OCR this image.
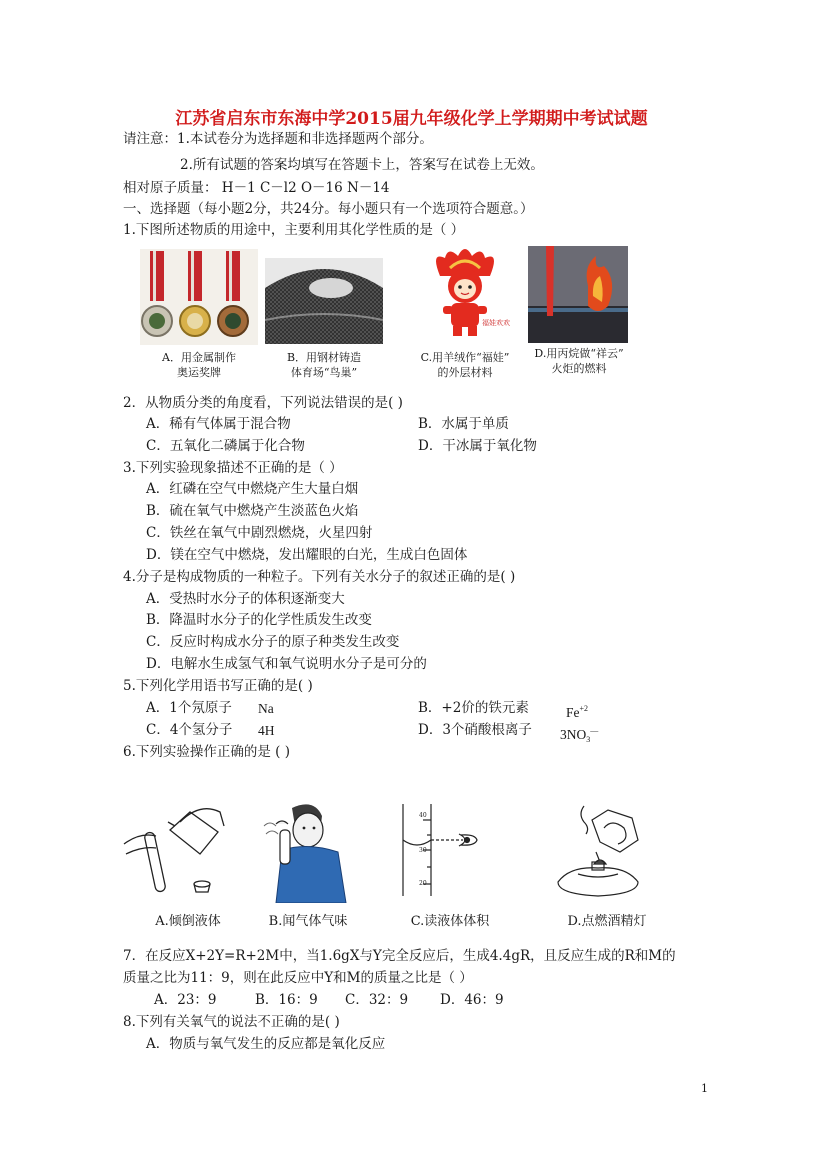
江苏省启东市东海中学2015届九年级化学上学期期中考试试题
请注意：1.本试卷分为选择题和非选择题两个部分。
2.所有试题的答案均填写在答题卡上，答案写在试卷上无效。
相对原子质量： H－1 C－l2 O－16 N－14
一、选择题（每小题2分，共24分。每小题只有一个选项符合题意。）
1.下图所述物质的用途中，主要利用其化学性质的是（ ）
A．用金属制作
奥运奖牌
B．用钢材铸造
体育场“鸟巢”
福娃欢欢
C.用羊绒作“福娃”
的外层材料
D.用丙烷做“祥云”
火炬的燃料
2．从物质分类的角度看，下列说法错误的是( )
A．稀有气体属于混合物	B．水属于单质
C．五氧化二磷属于化合物	D．干冰属于氧化物
3.下列实验现象描述不正确的是（ ）
A．红磷在空气中燃烧产生大量白烟
B．硫在氧气中燃烧产生淡蓝色火焰
C．铁丝在氧气中剧烈燃烧，火星四射
D．镁在空气中燃烧，发出耀眼的白光，生成白色固体
4.分子是构成物质的一种粒子。下列有关水分子的叙述正确的是( )
A．受热时水分子的体积逐渐变大
B．降温时水分子的化学性质发生改变
C．反应时构成水分子的原子种类发生改变
D．电解水生成氢气和氧气说明水分子是可分的
5.下列化学用语书写正确的是( )
A．1个氖原子 Na	B．+2价的铁元素	$Fe^{+2}$
C．4个氢分子 4H	D．3个硝酸根离子 $3NO_3^—$
6.下列实验操作正确的是 ( )
40
30
20
A.倾倒液体	B.闻气体气味	C.读液体体积	D.点燃酒精灯
7．在反应X+2Y=R+2M中，当1.6gX与Y完全反应后，生成4.4gR，且反应生成的R和M的
质量之比为11：9，则在此反应中Y和M的质量之比是（ ）
A．23：9	B．16：9 C．32：9 D．46：9
8.下列有关氧气的说法不正确的是( )
A．物质与氧气发生的反应都是氧化反应
1
